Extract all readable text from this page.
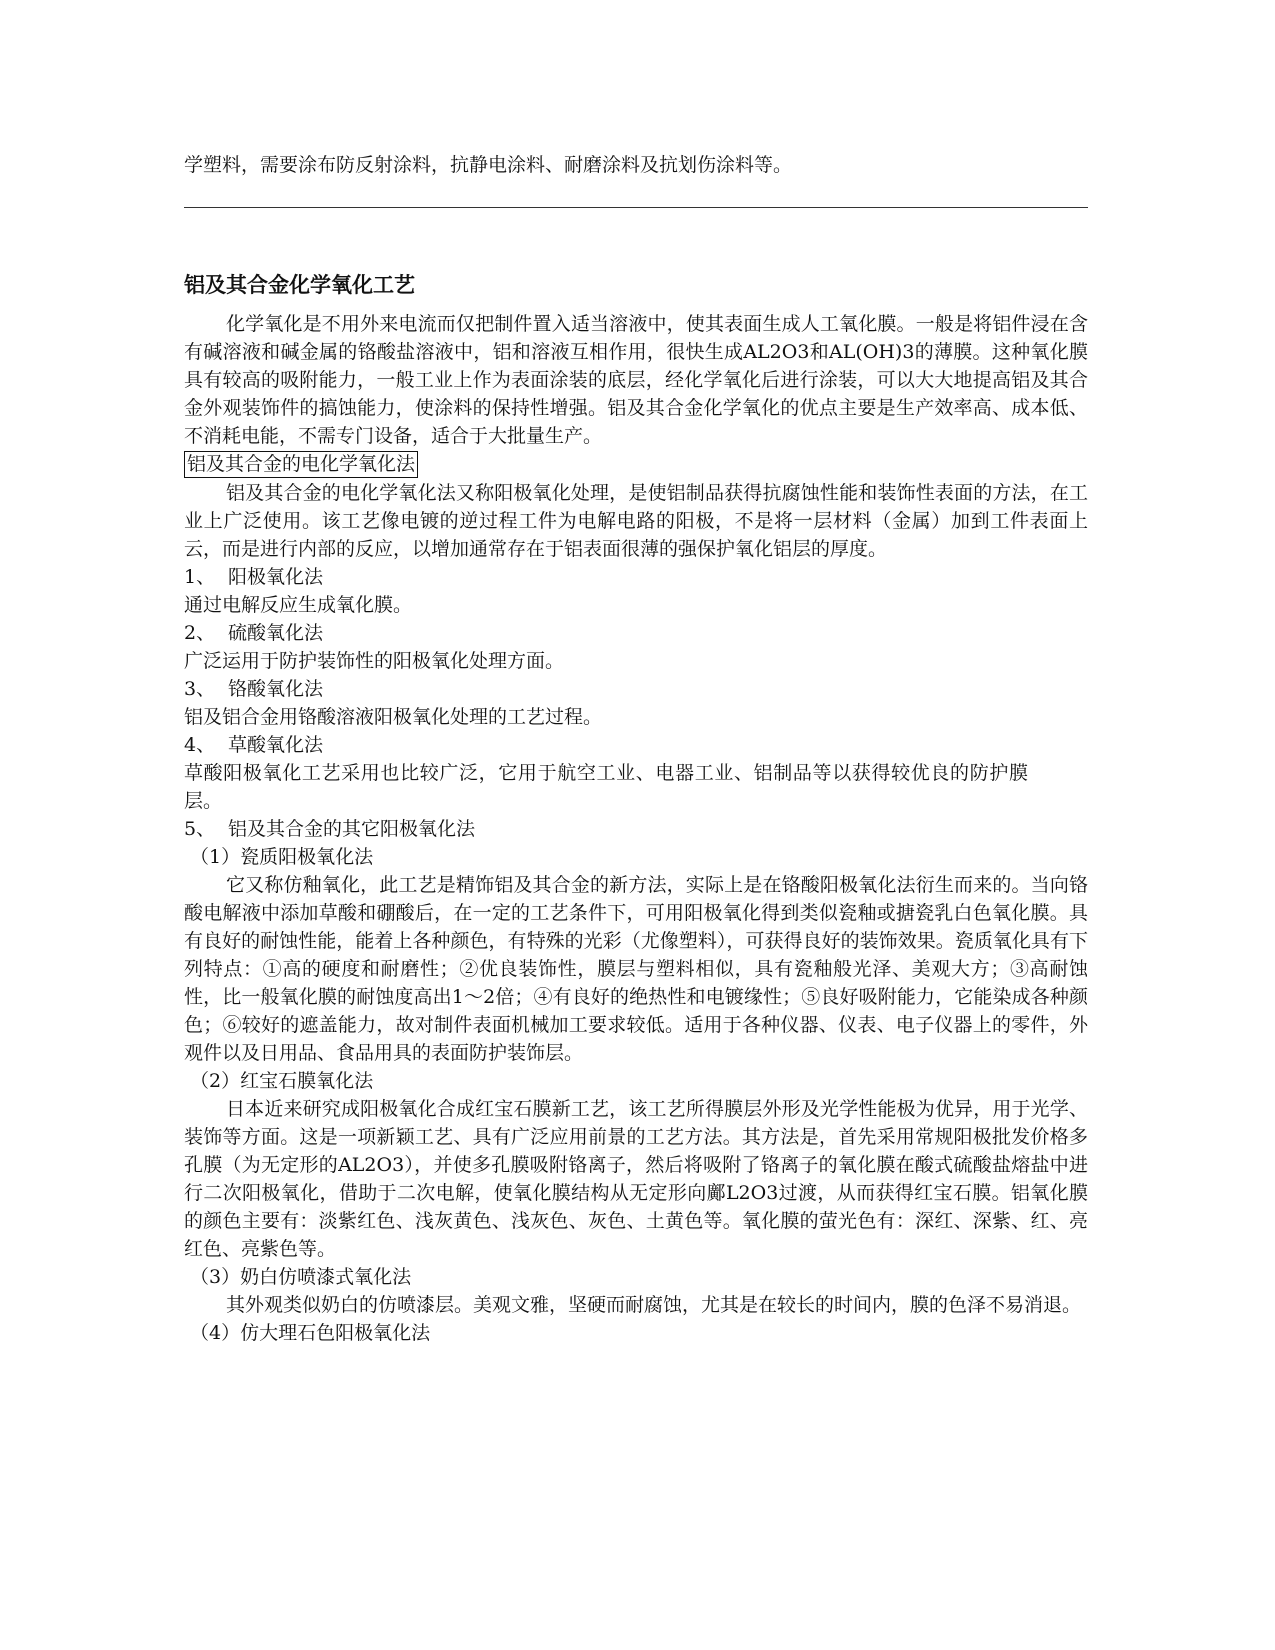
学塑料，需要涂布防反射涂料，抗静电涂料、耐磨涂料及抗划伤涂料等。

铝及其合金化学氧化工艺

化学氧化是不用外来电流而仅把制件置入适当溶液中，使其表面生成人工氧化膜。一般是将铝件浸在含有碱溶液和碱金属的铬酸盐溶液中，铝和溶液互相作用，很快生成AL2O3和AL(OH)3的薄膜。这种氧化膜具有较高的吸附能力，一般工业上作为表面涂装的底层，经化学氧化后进行涂装，可以大大地提高铝及其合金外观装饰件的搞蚀能力，使涂料的保持性增强。铝及其合金化学氧化的优点主要是生产效率高、成本低、不消耗电能，不需专门设备，适合于大批量生产。

铝及其合金的电化学氧化法

铝及其合金的电化学氧化法又称阳极氧化处理，是使铝制品获得抗腐蚀性能和装饰性表面的方法，在工业上广泛使用。该工艺像电镀的逆过程工件为电解电路的阳极，不是将一层材料（金属）加到工件表面上云，而是进行内部的反应，以增加通常存在于铝表面很薄的强保护氧化铝层的厚度。

1、 阳极氧化法

通过电解反应生成氧化膜。

2、 硫酸氧化法

广泛运用于防护装饰性的阳极氧化处理方面。

3、 铬酸氧化法

铝及铝合金用铬酸溶液阳极氧化处理的工艺过程。

4、 草酸氧化法

草酸阳极氧化工艺采用也比较广泛，它用于航空工业、电器工业、铝制品等以获得较优良的防护膜层。

5、 铝及其合金的其它阳极氧化法

（1）瓷质阳极氧化法

它又称仿釉氧化，此工艺是精饰铝及其合金的新方法，实际上是在铬酸阳极氧化法衍生而来的。当向铬酸电解液中添加草酸和硼酸后，在一定的工艺条件下，可用阳极氧化得到类似瓷釉或搪瓷乳白色氧化膜。具有良好的耐蚀性能，能着上各种颜色，有特殊的光彩（尤像塑料），可获得良好的装饰效果。瓷质氧化具有下列特点：①高的硬度和耐磨性；②优良装饰性，膜层与塑料相似，具有瓷釉般光泽、美观大方；③高耐蚀性，比一般氧化膜的耐蚀度高出1～2倍；④有良好的绝热性和电镀缘性；⑤良好吸附能力，它能染成各种颜色；⑥较好的遮盖能力，故对制件表面机械加工要求较低。适用于各种仪器、仪表、电子仪器上的零件，外观件以及日用品、食品用具的表面防护装饰层。

（2）红宝石膜氧化法

日本近来研究成阳极氧化合成红宝石膜新工艺，该工艺所得膜层外形及光学性能极为优异，用于光学、装饰等方面。这是一项新颖工艺、具有广泛应用前景的工艺方法。其方法是，首先采用常规阳极批发价格多孔膜（为无定形的AL2O3），并使多孔膜吸附铬离子，然后将吸附了铬离子的氧化膜在酸式硫酸盐熔盐中进行二次阳极氧化，借助于二次电解，使氧化膜结构从无定形向鄺L2O3过渡，从而获得红宝石膜。铝氧化膜的颜色主要有：淡紫红色、浅灰黄色、浅灰色、灰色、土黄色等。氧化膜的萤光色有：深红、深紫、红、亮红色、亮紫色等。

（3）奶白仿喷漆式氧化法

其外观类似奶白的仿喷漆层。美观文雅，坚硬而耐腐蚀，尤其是在较长的时间内，膜的色泽不易消退。

（4）仿大理石色阳极氧化法
